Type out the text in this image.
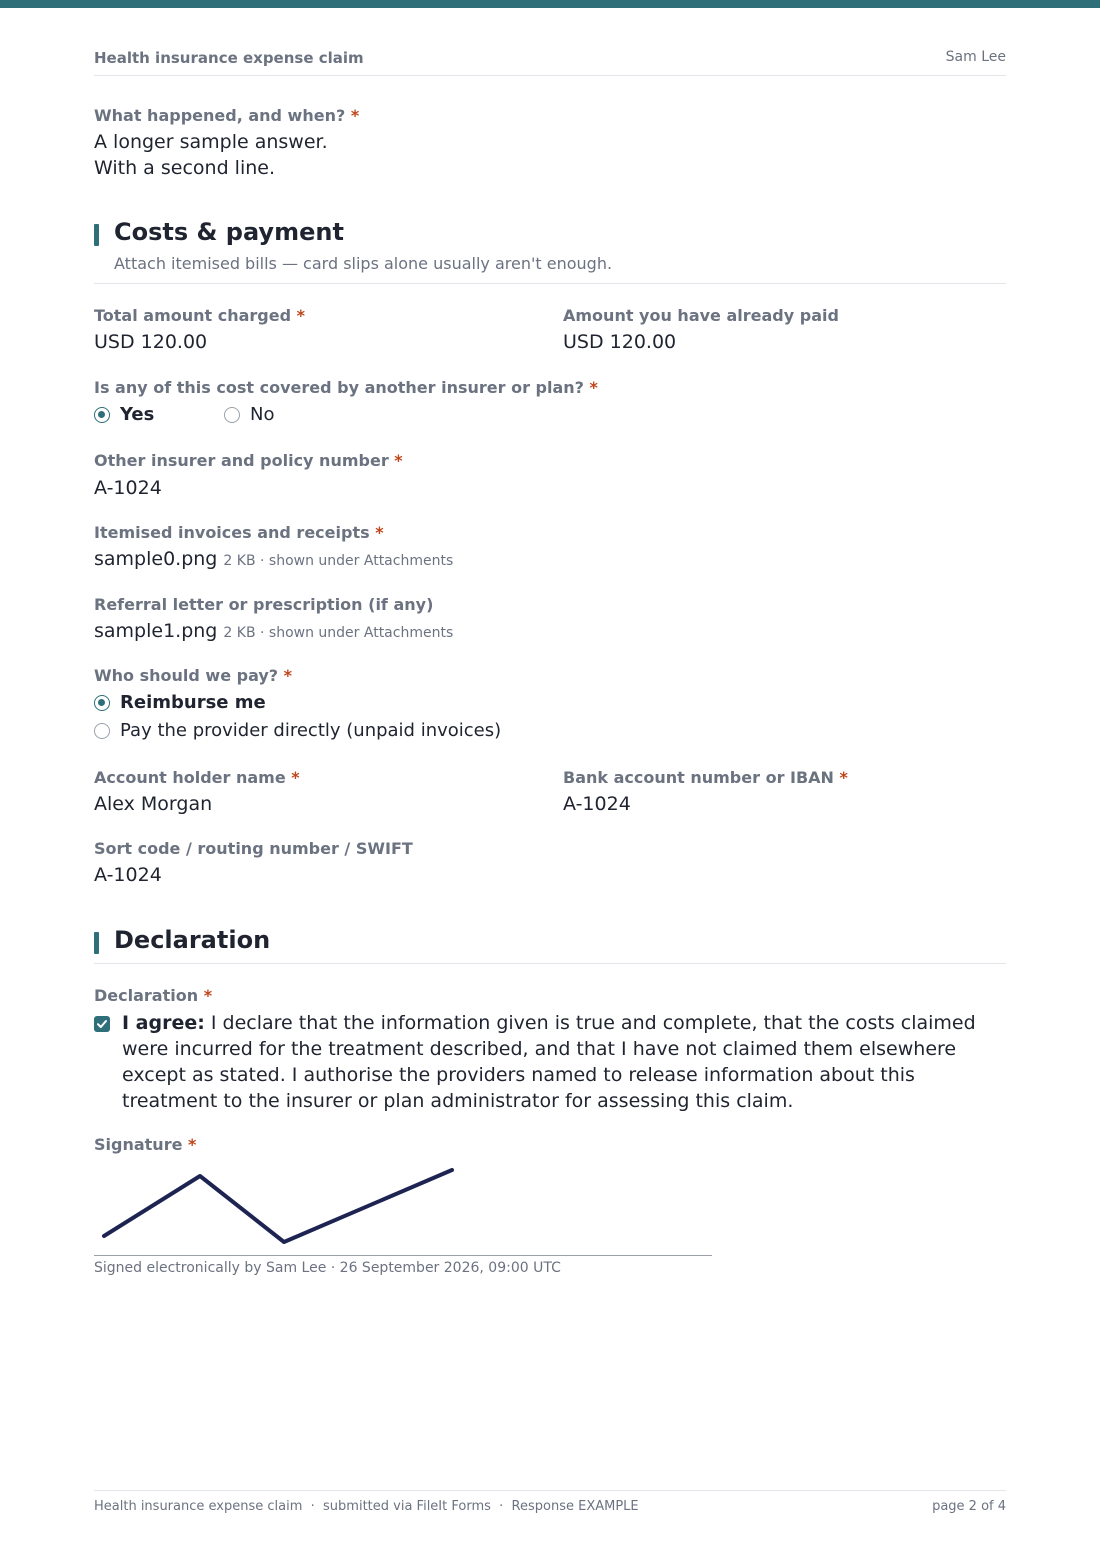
Health insurance expense claim	Sam Lee
What happened, and when? *
A longer sample answer.
With a second line.
Costs & payment
Attach itemised bills — card slips alone usually aren't enough.
Total amount charged *
USD 120.00
Amount you have already paid
USD 120.00
Is any of this cost covered by another insurer or plan? *
Yes	No
Other insurer and policy number *
A-1024
Itemised invoices and receipts *
sample0.png 2 KB · shown under Attachments
Referral letter or prescription (if any)
sample1.png 2 KB · shown under Attachments
Who should we pay? *
Reimburse me
Pay the provider directly (unpaid invoices)
Account holder name *
Alex Morgan
Bank account number or IBAN *
A-1024
Sort code / routing number / SWIFT
A-1024
Declaration
Declaration *
I agree: I declare that the information given is true and complete, that the costs claimed were incurred for the treatment described, and that I have not claimed them elsewhere except as stated. I authorise the providers named to release information about this treatment to the insurer or plan administrator for assessing this claim.
Signature *
Signed electronically by Sam Lee · 26 September 2026, 09:00 UTC
Health insurance expense claim  ·  submitted via FileIt Forms  ·  Response EXAMPLE	page 2 of 4
